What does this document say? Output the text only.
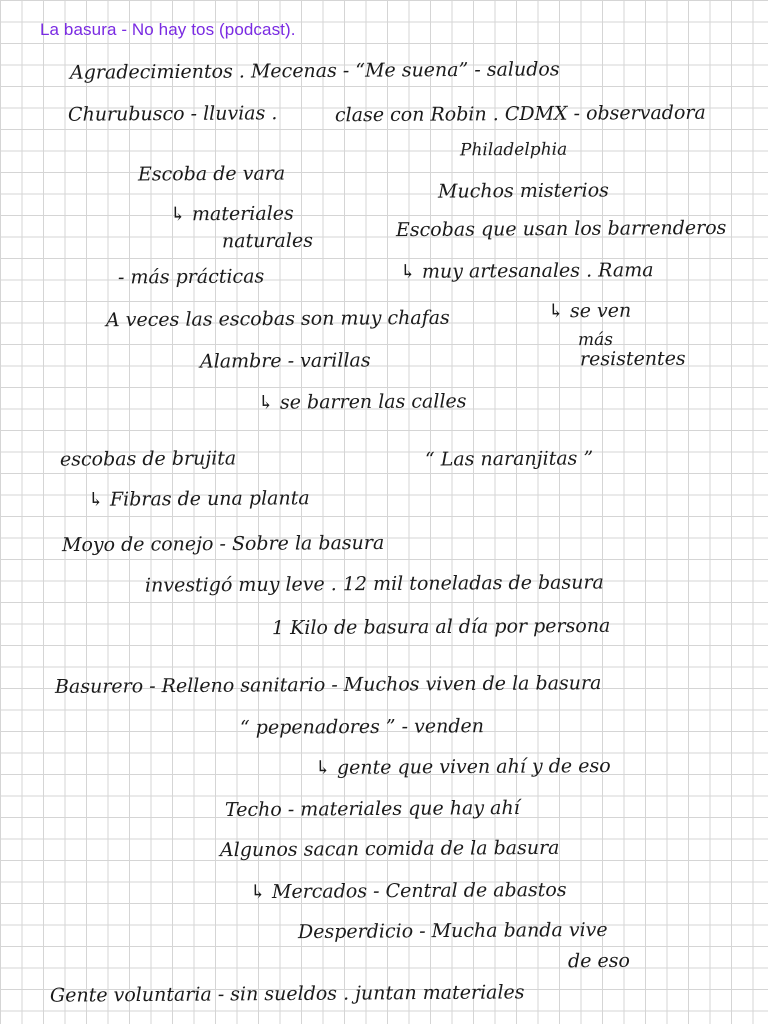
La basura - No hay tos (podcast).
Agradecimientos . Mecenas - “Me suena” - saludos
Churubusco - lluvias .	clase con Robin . CDMX - observadora
Philadelphia
Escoba de vara
Muchos misterios
↳ materiales
naturales	Escobas que usan los barrenderos
- más prácticas	↳ muy artesanales . Rama
A veces las escobas son muy chafas	↳ se ven
más
Alambre - varillas	resistentes
↳ se barren las calles
escobas de brujita	“ Las naranjitas ”
↳ Fibras de una planta
Moyo de conejo - Sobre la basura
investigó muy leve . 12 mil toneladas de basura
1 Kilo de basura al día por persona
Basurero - Relleno sanitario - Muchos viven de la basura
“ pepenadores ” - venden
↳ gente que viven ahí y de eso
Techo - materiales que hay ahí
Algunos sacan comida de la basura
↳ Mercados - Central de abastos
Desperdicio - Mucha banda vive
de eso
Gente voluntaria - sin sueldos . juntan materiales
